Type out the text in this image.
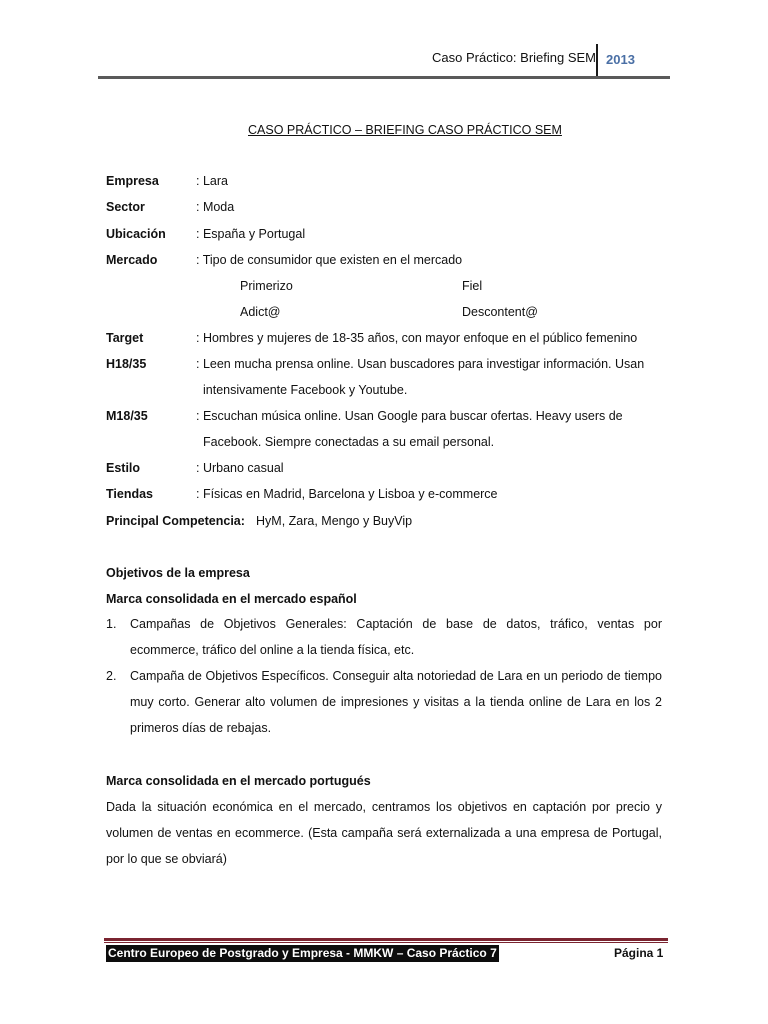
Caso Práctico: Briefing SEM 2013
CASO PRÁCTICO – BRIEFING CASO PRÁCTICO SEM
Empresa	: Lara
Sector	: Moda
Ubicación : España y Portugal
Mercado	: Tipo de consumidor que existen en el mercado
Primerizo	Fiel
Adict@	Descontent@
Target	: Hombres y mujeres de 18-35 años, con mayor enfoque en el público femenino
H18/35	: Leen mucha prensa online. Usan buscadores para investigar información. Usan
intensivamente Facebook y Youtube.
M18/35	: Escuchan música online. Usan Google para buscar ofertas. Heavy users de
Facebook. Siempre conectadas a su email personal.
Estilo	: Urbano casual
Tiendas	: Físicas en Madrid, Barcelona y Lisboa y e-commerce
Principal Competencia: HyM, Zara, Mengo y BuyVip
Objetivos de la empresa
Marca consolidada en el mercado español
1. Campañas de Objetivos Generales: Captación de base de datos, tráfico, ventas por ecommerce, tráfico del online a la tienda física, etc.
2. Campaña de Objetivos Específicos. Conseguir alta notoriedad de Lara en un periodo de tiempo muy corto. Generar alto volumen de impresiones y visitas a la tienda online de Lara en los 2 primeros días de rebajas.
Marca consolidada en el mercado portugués
Dada la situación económica en el mercado, centramos los objetivos en captación por precio y volumen de ventas en ecommerce. (Esta campaña será externalizada a una empresa de Portugal, por lo que se obviará)
Centro Europeo de Postgrado y Empresa - MMKW – Caso Práctico 7	Página 1
